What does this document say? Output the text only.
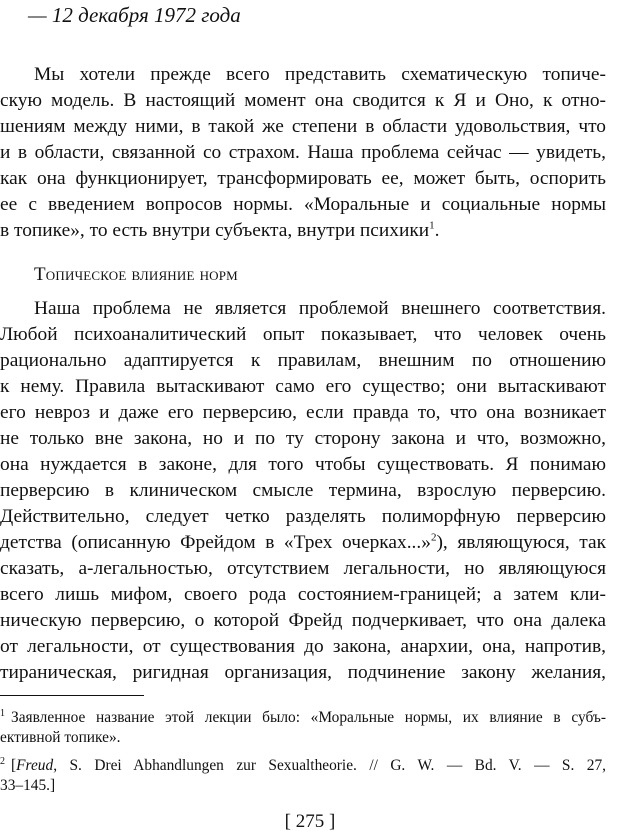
— 12 декабря 1972 года
Мы хотели прежде всего представить схематическую топиче-
скую модель. В настоящий момент она сводится к Я и Оно, к отно-
шениям между ними, в такой же степени в области удовольствия, что
и в области, связанной со страхом. Наша проблема сейчас — увидеть,
как она функционирует, трансформировать ее, может быть, оспорить
ее с введением вопросов нормы. «Моральные и социальные нормы
в топике», то есть внутри субъекта, внутри психики$^1$.
Топическое влияние норм
Наша проблема не является проблемой внешнего соответствия.
Любой психоаналитический опыт показывает, что человек очень
рационально адаптируется к правилам, внешним по отношению
к нему. Правила вытаскивают само его существо; они вытаскивают
его невроз и даже его перверсию, если правда то, что она возникает
не только вне закона, но и по ту сторону закона и что, возможно,
она нуждается в законе, для того чтобы существовать. Я понимаю
перверсию в клиническом смысле термина, взрослую перверсию.
Действительно, следует четко разделять полиморфную перверсию
детства (описанную Фрейдом в «Трех очерках...»$^2$), являющуюся, так
сказать, а-легальностью, отсутствием легальности, но являющуюся
всего лишь мифом, своего рода состоянием-границей; а затем кли-
ническую перверсию, о которой Фрейд подчеркивает, что она далека
от легальности, от существования до закона, анархии, она, напротив,
тираническая, ригидная организация, подчинение закону желания,
$^1$ Заявленное название этой лекции было: «Моральные нормы, их влияние в субъ-
ективной топике».
$^2$ [Freud, S. Drei Abhandlungen zur Sexualtheorie. // G. W. — Bd. V. — S. 27,
33–145.]
[ 275 ]
